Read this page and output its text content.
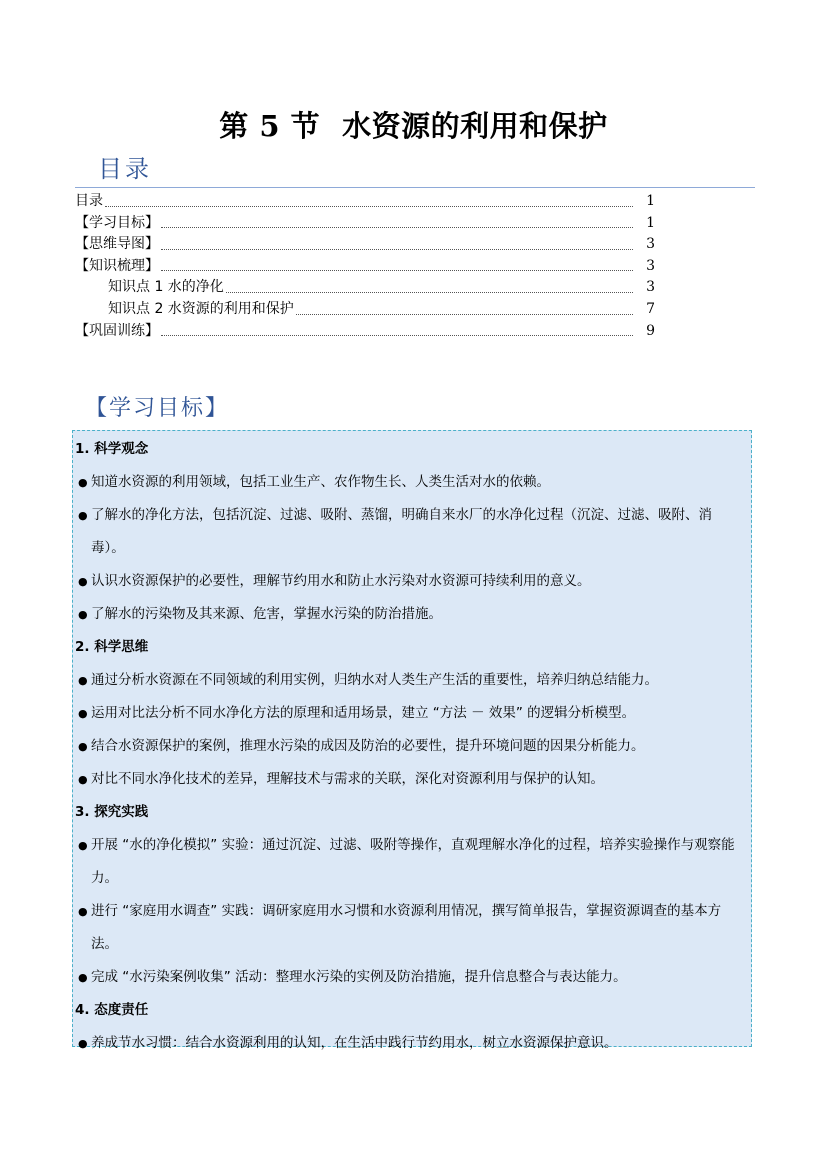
第 5 节 水资源的利用和保护
目录
目录	1
【学习目标】	1
【思维导图】	3
【知识梳理】	3
知识点 1 水的净化	3
知识点 2 水资源的利用和保护	7
【巩固训练】	9
【学习目标】
1. 科学观念
● 知道水资源的利用领域，包括工业生产、农作物生长、人类生活对水的依赖。
● 了解水的净化方法，包括沉淀、过滤、吸附、蒸馏，明确自来水厂的水净化过程（沉淀、过滤、吸附、消毒）。
● 认识水资源保护的必要性，理解节约用水和防止水污染对水资源可持续利用的意义。
● 了解水的污染物及其来源、危害，掌握水污染的防治措施。
2. 科学思维
● 通过分析水资源在不同领域的利用实例，归纳水对人类生产生活的重要性，培养归纳总结能力。
● 运用对比法分析不同水净化方法的原理和适用场景，建立 “方法 － 效果” 的逻辑分析模型。
● 结合水资源保护的案例，推理水污染的成因及防治的必要性，提升环境问题的因果分析能力。
● 对比不同水净化技术的差异，理解技术与需求的关联，深化对资源利用与保护的认知。
3. 探究实践
● 开展 “水的净化模拟” 实验：通过沉淀、过滤、吸附等操作，直观理解水净化的过程，培养实验操作与观察能力。
● 进行 “家庭用水调查” 实践：调研家庭用水习惯和水资源利用情况，撰写简单报告，掌握资源调查的基本方法。
● 完成 “水污染案例收集” 活动：整理水污染的实例及防治措施，提升信息整合与表达能力。
4. 态度责任
● 养成节水习惯：结合水资源利用的认知，在生活中践行节约用水，树立水资源保护意识。
